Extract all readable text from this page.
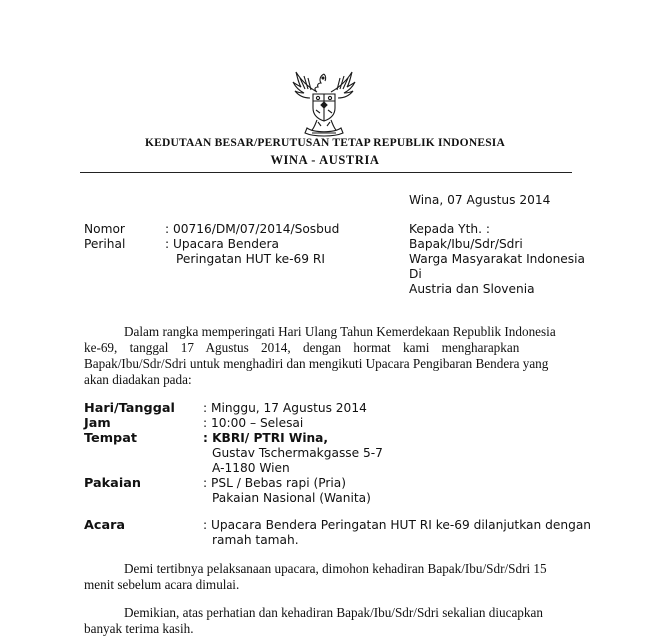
KEDUTAAN BESAR/PERUTUSAN TETAP REPUBLIK INDONESIA
WINA - AUSTRIA
Wina, 07 Agustus 2014
Nomor	: 00716/DM/07/2014/Sosbud
Perihal	: Upacara Bendera
Peringatan HUT ke-69 RI
Kepada Yth. :
Bapak/Ibu/Sdr/Sdri
Warga Masyarakat Indonesia
Di
Austria dan Slovenia
Dalam rangka memperingati Hari Ulang Tahun Kemerdekaan Republik Indonesia
ke-69, tanggal 17 Agustus 2014, dengan hormat kami mengharapkan
Bapak/Ibu/Sdr/Sdri untuk menghadiri dan mengikuti Upacara Pengibaran Bendera yang
akan diadakan pada:
Hari/Tanggal : Minggu, 17 Agustus 2014
Jam	: 10:00 – Selesai
Tempat	: KBRI/ PTRI Wina,
Gustav Tschermakgasse 5-7
A-1180 Wien
Pakaian	: PSL / Bebas rapi (Pria)
Pakaian Nasional (Wanita)
Acara	: Upacara Bendera Peringatan HUT RI ke-69 dilanjutkan dengan
ramah tamah.
Demi tertibnya pelaksanaan upacara, dimohon kehadiran Bapak/Ibu/Sdr/Sdri 15
menit sebelum acara dimulai.
Demikian, atas perhatian dan kehadiran Bapak/Ibu/Sdr/Sdri sekalian diucapkan
banyak terima kasih.
